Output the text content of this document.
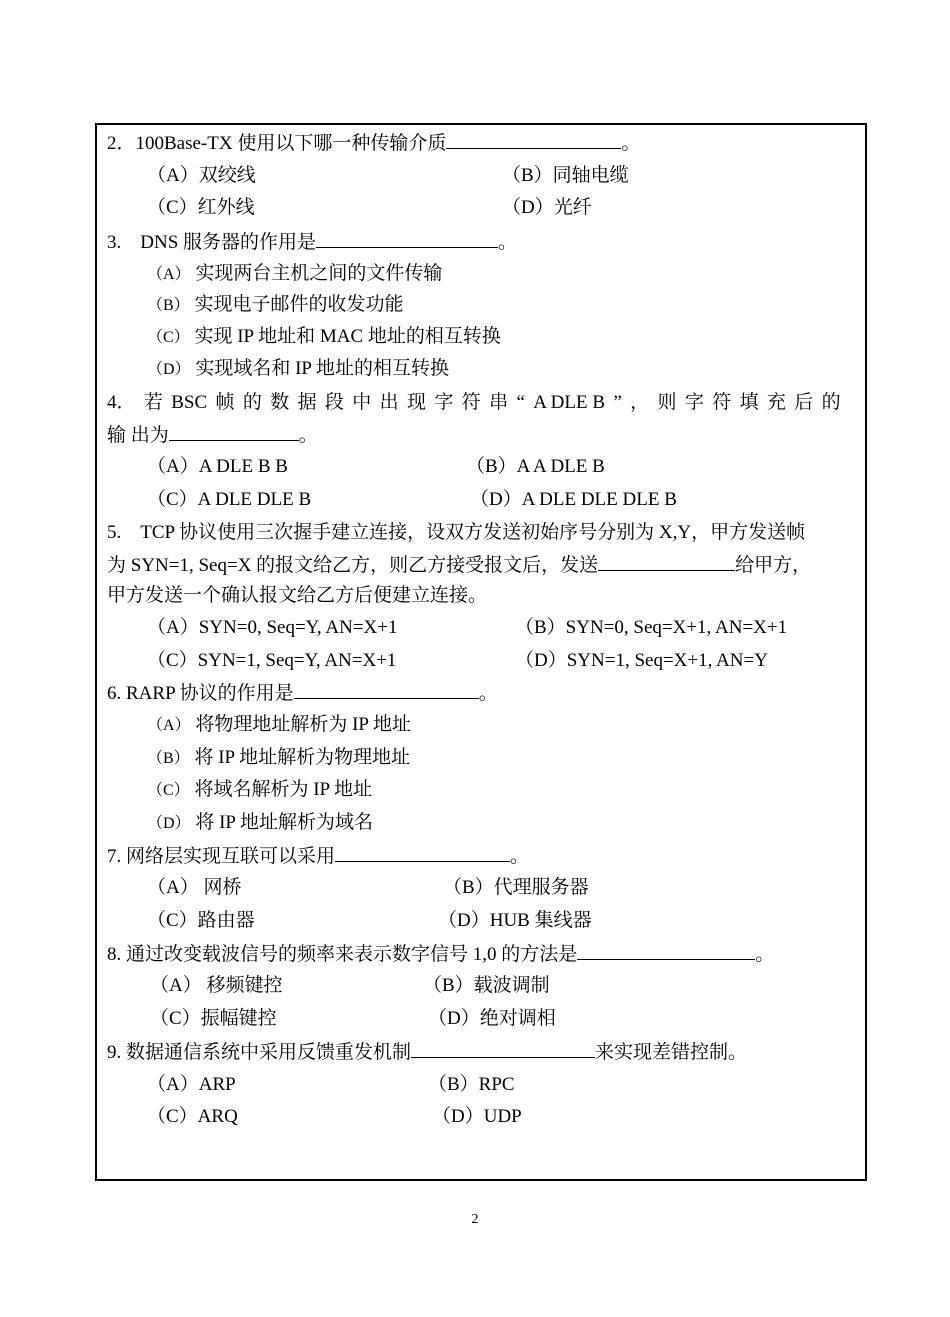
2．100Base-TX 使用以下哪一种传输介质	。
（A）双绞线	（B）同轴电缆
（C）红外线	（D）光纤
3.　DNS 服务器的作用是	。
（A） 实现两台主机之间的文件传输
（B） 实现电子邮件的收发功能
（C） 实现 IP 地址和 MAC 地址的相互转换
（D） 实现域名和 IP 地址的相互转换
4． 若 BSC 帧 的 数 据 段 中 出 现 字 符 串 “ A DLE B ” ， 则 字 符 填 充 后 的
输 出为	。
（A）A DLE B B	（B）A A DLE B
（C）A DLE DLE B	（D）A DLE DLE DLE B
5.　TCP 协议使用三次握手建立连接，设双方发送初始序号分别为 X,Y，甲方发送帧
为 SYN=1, Seq=X 的报文给乙方，则乙方接受报文后，发送	给甲方，
甲方发送一个确认报文给乙方后便建立连接。
（A）SYN=0, Seq=Y, AN=X+1	（B）SYN=0, Seq=X+1, AN=X+1
（C）SYN=1, Seq=Y, AN=X+1	（D）SYN=1, Seq=X+1, AN=Y
6. RARP 协议的作用是	。
（A） 将物理地址解析为 IP 地址
（B） 将 IP 地址解析为物理地址
（C） 将域名解析为 IP 地址
（D） 将 IP 地址解析为域名
7. 网络层实现互联可以采用	。
（A） 网桥	（B）代理服务器
（C）路由器	（D）HUB 集线器
8. 通过改变载波信号的频率来表示数字信号 1,0 的方法是	。
（A） 移频键控	（B）载波调制
（C）振幅键控	（D）绝对调相
9. 数据通信系统中采用反馈重发机制	来实现差错控制。
（A）ARP	（B）RPC
（C）ARQ	（D）UDP
2
